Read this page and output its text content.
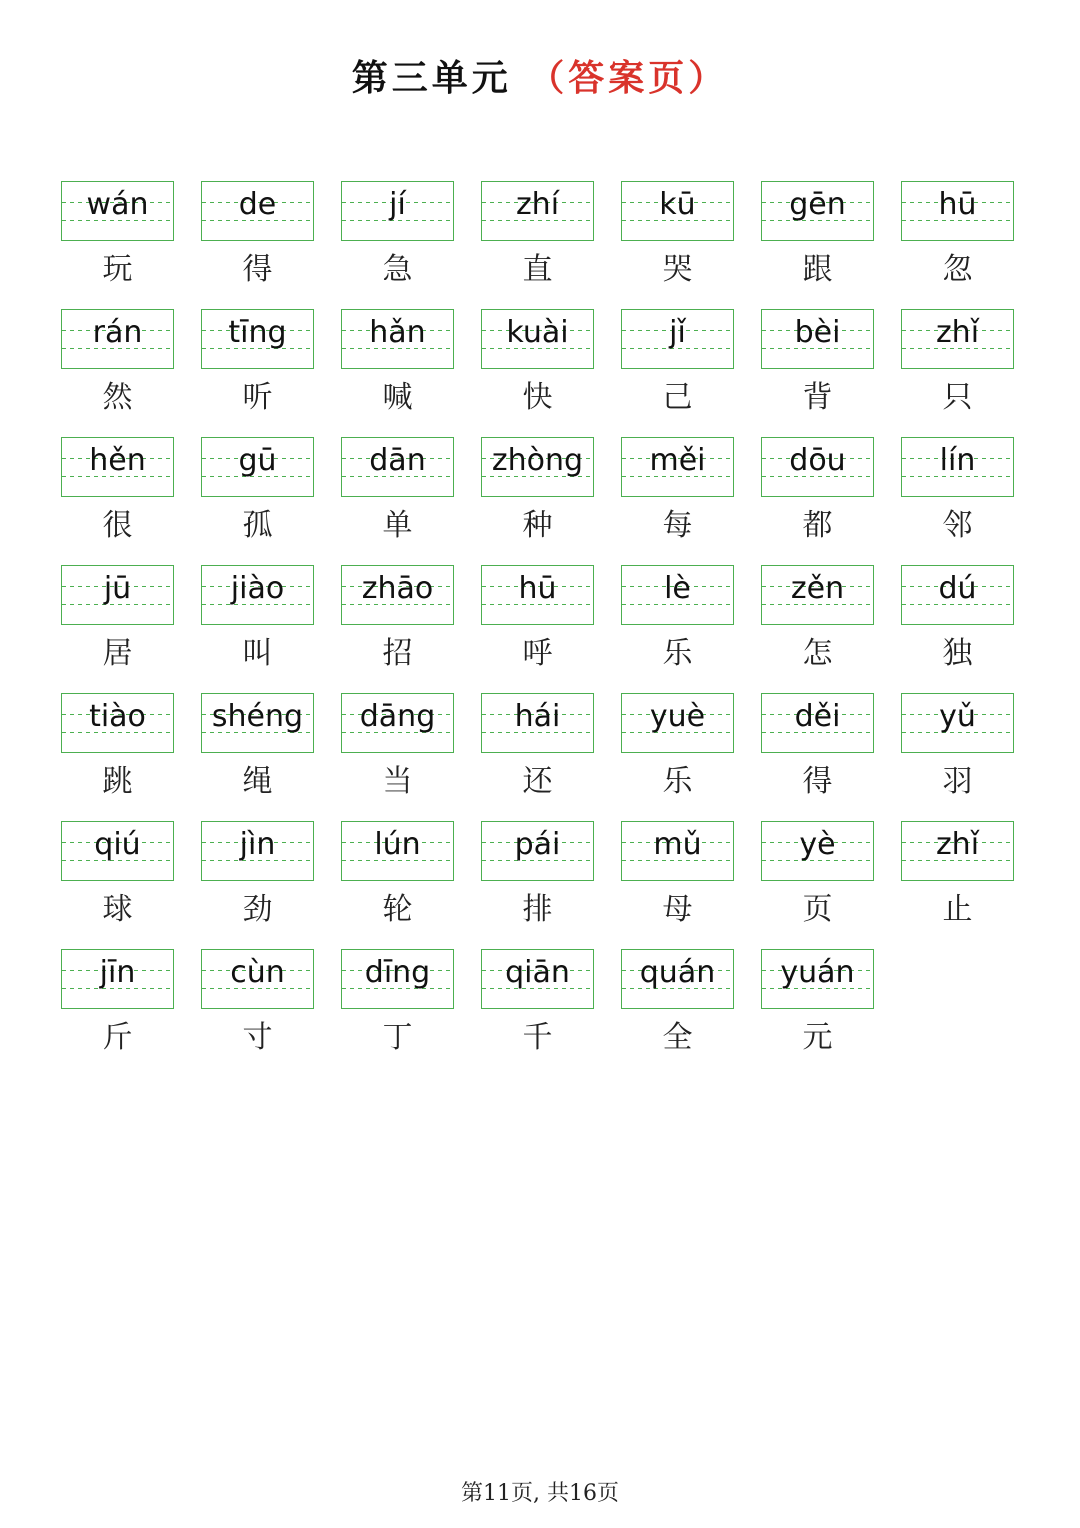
第三单元 （答案页）
wán
玩
de
得
jí
急
zhí
直
kū
哭
gēn
跟
hū
忽
rán
然
tīng
听
hǎn
喊
kuài
快
jǐ
己
bèi
背
zhǐ
只
hěn
很
gū
孤
dān
单
zhòng
种
měi
每
dōu
都
lín
邻
jū
居
jiào
叫
zhāo
招
hū
呼
lè
乐
zěn
怎
dú
独
tiào
跳
shéng
绳
dāng
当
hái
还
yuè
乐
děi
得
yǔ
羽
qiú
球
jìn
劲
lún
轮
pái
排
mǔ
母
yè
页
zhǐ
止
jīn
斤
cùn
寸
dīng
丁
qiān
千
quán
全
yuán
元
第11页, 共16页
